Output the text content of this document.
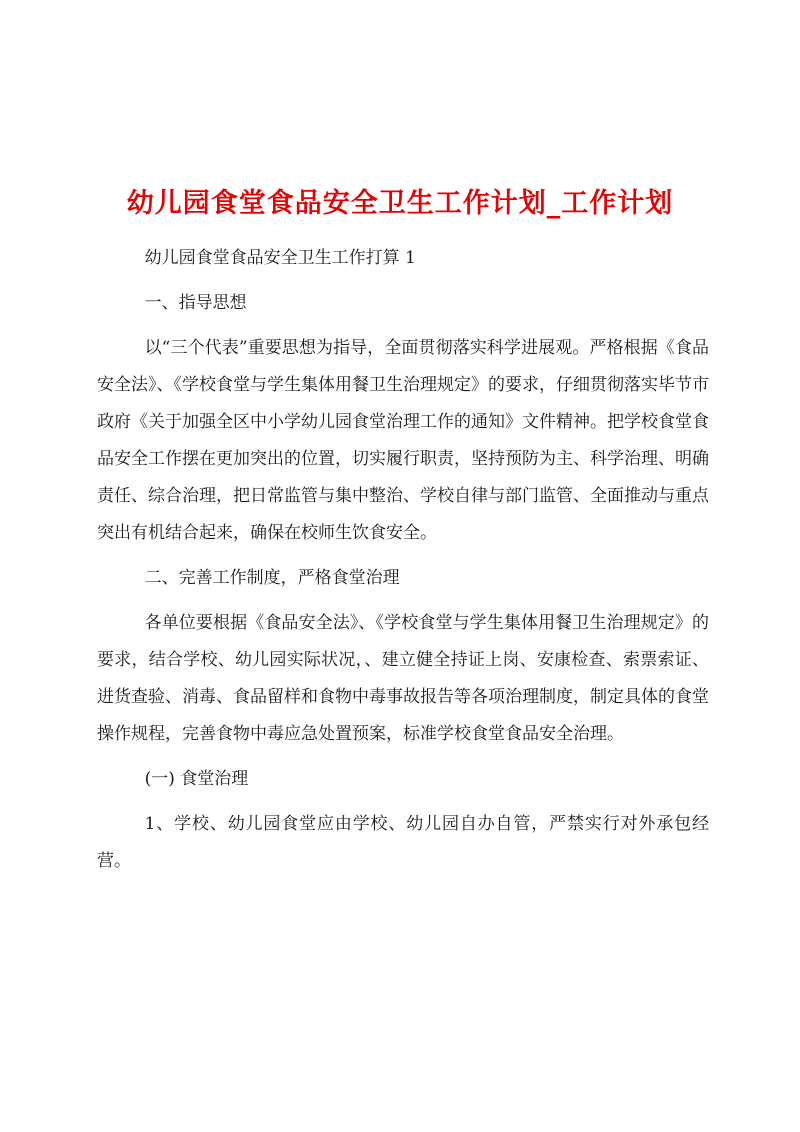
幼儿园食堂食品安全卫生工作计划_工作计划

幼儿园食堂食品安全卫生工作打算 1

一、指导思想

以“三个代表”重要思想为指导，全面贯彻落实科学进展观。严格根据《食品安全法》、《学校食堂与学生集体用餐卫生治理规定》的要求，仔细贯彻落实毕节市政府《关于加强全区中小学幼儿园食堂治理工作的通知》文件精神。把学校食堂食品安全工作摆在更加突出的位置，切实履行职责，坚持预防为主、科学治理、明确责任、综合治理，把日常监管与集中整治、学校自律与部门监管、全面推动与重点突出有机结合起来，确保在校师生饮食安全。

二、完善工作制度，严格食堂治理

各单位要根据《食品安全法》、《学校食堂与学生集体用餐卫生治理规定》的要求，结合学校、幼儿园实际状况，、建立健全持证上岗、安康检查、索票索证、进货查验、消毒、食品留样和食物中毒事故报告等各项治理制度，制定具体的食堂操作规程，完善食物中毒应急处置预案，标准学校食堂食品安全治理。

(一) 食堂治理

1、学校、幼儿园食堂应由学校、幼儿园自办自管，严禁实行对外承包经营。
